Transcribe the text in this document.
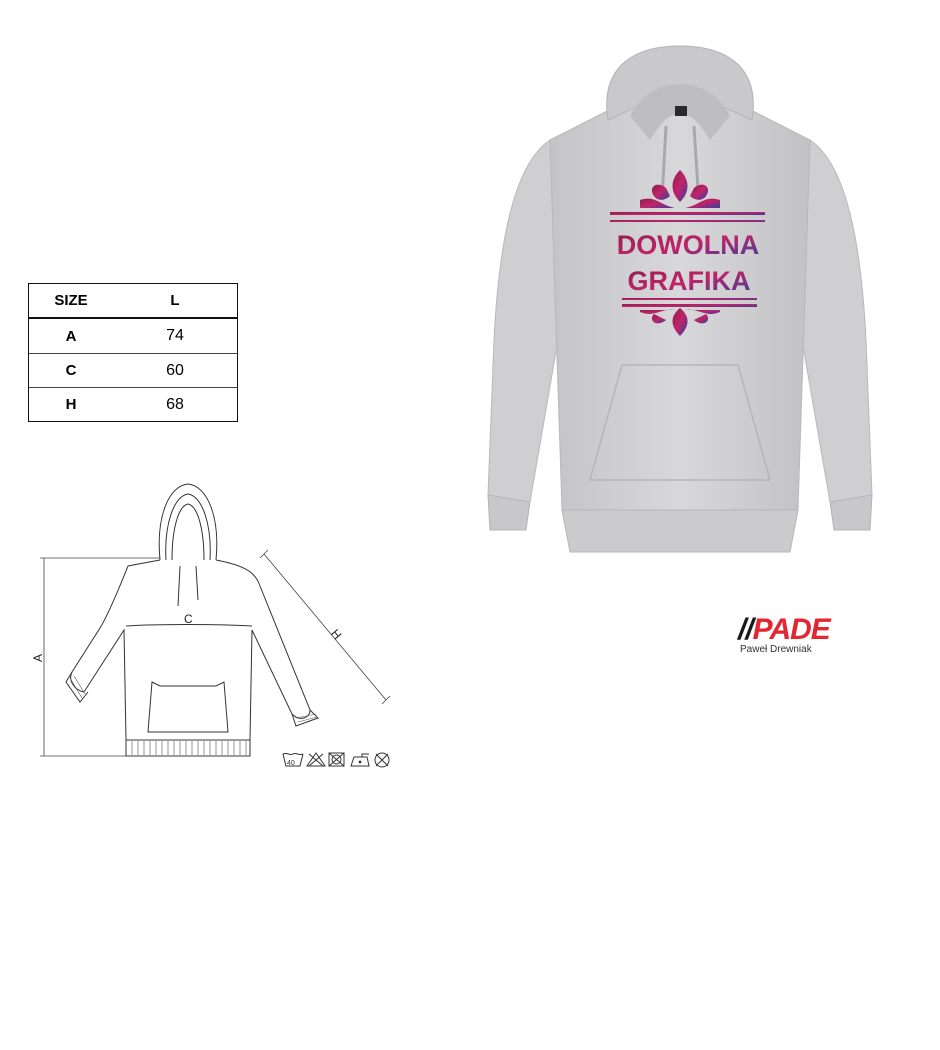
SIZE	L
A	74
C	60
H	68
A
C
H
40
DOWOLNA
GRAFIKA
//PADE
Paweł Drewniak
